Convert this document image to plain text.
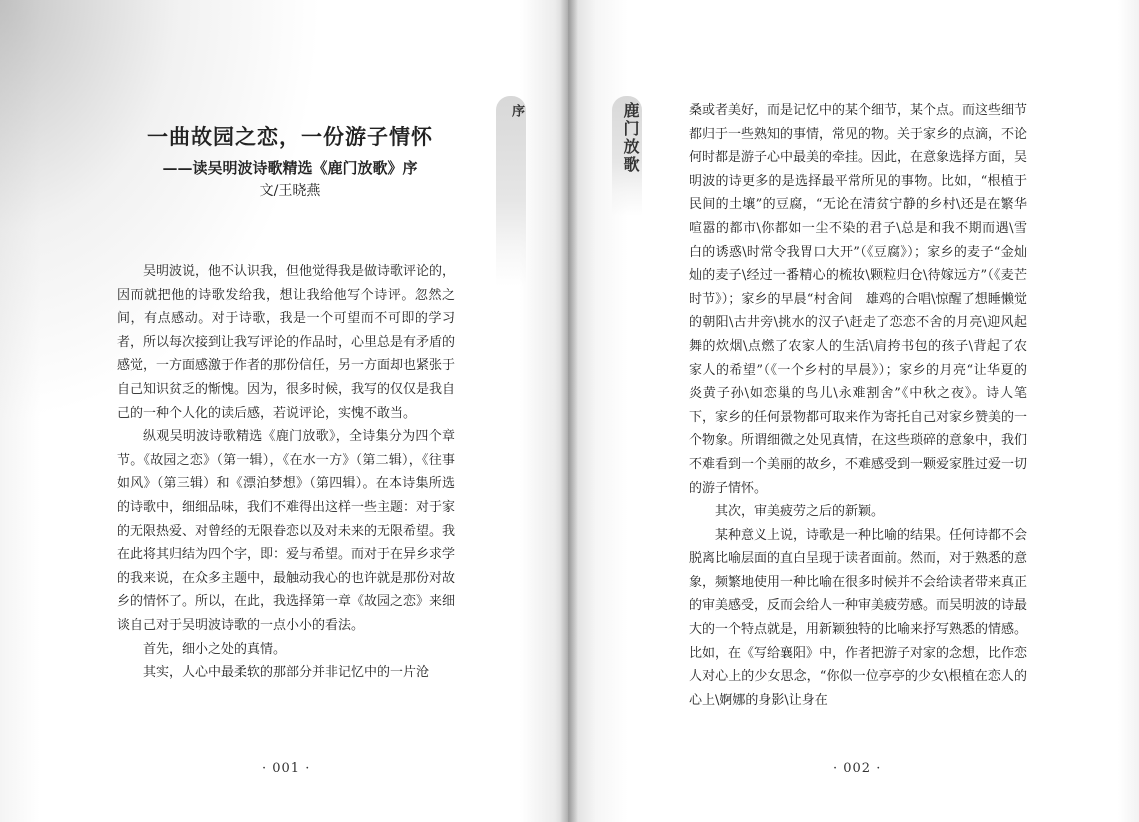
一曲故园之恋，一份游子情怀
——读吴明波诗歌精选《鹿门放歌》序

文/王晓燕

吴明波说，他不认识我，但他觉得我是做诗歌评论的，因而就把他的诗歌发给我，想让我给他写个诗评。忽然之间，有点感动。对于诗歌，我是一个可望而不可即的学习者，所以每次接到让我写评论的作品时，心里总是有矛盾的感觉，一方面感激于作者的那份信任，另一方面却也紧张于自己知识贫乏的惭愧。因为，很多时候，我写的仅仅是我自己的一种个人化的读后感，若说评论，实愧不敢当。

纵观吴明波诗歌精选《鹿门放歌》，全诗集分为四个章节。《故园之恋》（第一辑），《在水一方》（第二辑），《往事如风》（第三辑）和《漂泊梦想》（第四辑）。在本诗集所选的诗歌中，细细品味，我们不难得出这样一些主题：对于家的无限热爱、对曾经的无限眷恋以及对未来的无限希望。我在此将其归结为四个字，即：爱与希望。而对于在异乡求学的我来说，在众多主题中，最触动我心的也许就是那份对故乡的情怀了。所以，在此，我选择第一章《故园之恋》来细谈自己对于吴明波诗歌的一点小小的看法。

首先，细小之处的真情。

其实，人心中最柔软的那部分并非记忆中的一片沧

序
· 001 ·
鹿门放歌	桑或者美好，而是记忆中的某个细节，某个点。而这些细节都归于一些熟知的事情，常见的物。关于家乡的点滴，不论何时都是游子心中最美的牵挂。因此，在意象选择方面，吴明波的诗更多的是选择最平常所见的事物。比如，“根植于民间的土壤”的豆腐，“无论在清贫宁静的乡村\还是在繁华喧嚣的都市\你都如一尘不染的君子\总是和我不期而遇\雪白的诱惑\时常令我胃口大开”（《豆腐》）；家乡的麦子“金灿灿的麦子\经过一番精心的梳妆\颗粒归仓\待嫁远方”（《麦芒时节》）；家乡的早晨“村舍间　雄鸡的合唱\惊醒了想睡懒觉的朝阳\古井旁\挑水的汉子\赶走了恋恋不舍的月亮\迎风起舞的炊烟\点燃了农家人的生活\肩挎书包的孩子\背起了农家人的希望”（《一个乡村的早晨》）；家乡的月亮“让华夏的炎黄子孙\如恋巢的鸟儿\永难割舍”《中秋之夜》。诗人笔下，家乡的任何景物都可取来作为寄托自己对家乡赞美的一个物象。所谓细微之处见真情，在这些琐碎的意象中，我们不难看到一个美丽的故乡，不难感受到一颗爱家胜过爱一切的游子情怀。

其次，审美疲劳之后的新颖。

某种意义上说，诗歌是一种比喻的结果。任何诗都不会脱离比喻层面的直白呈现于读者面前。然而，对于熟悉的意象，频繁地使用一种比喻在很多时候并不会给读者带来真正的审美感受，反而会给人一种审美疲劳感。而吴明波的诗最大的一个特点就是，用新颖独特的比喻来抒写熟悉的情感。比如，在《写给襄阳》中，作者把游子对家的念想，比作恋人对心上的少女思念，“你似一位亭亭的少女\根植在恋人的心上\婀娜的身影\让身在

· 002 ·
